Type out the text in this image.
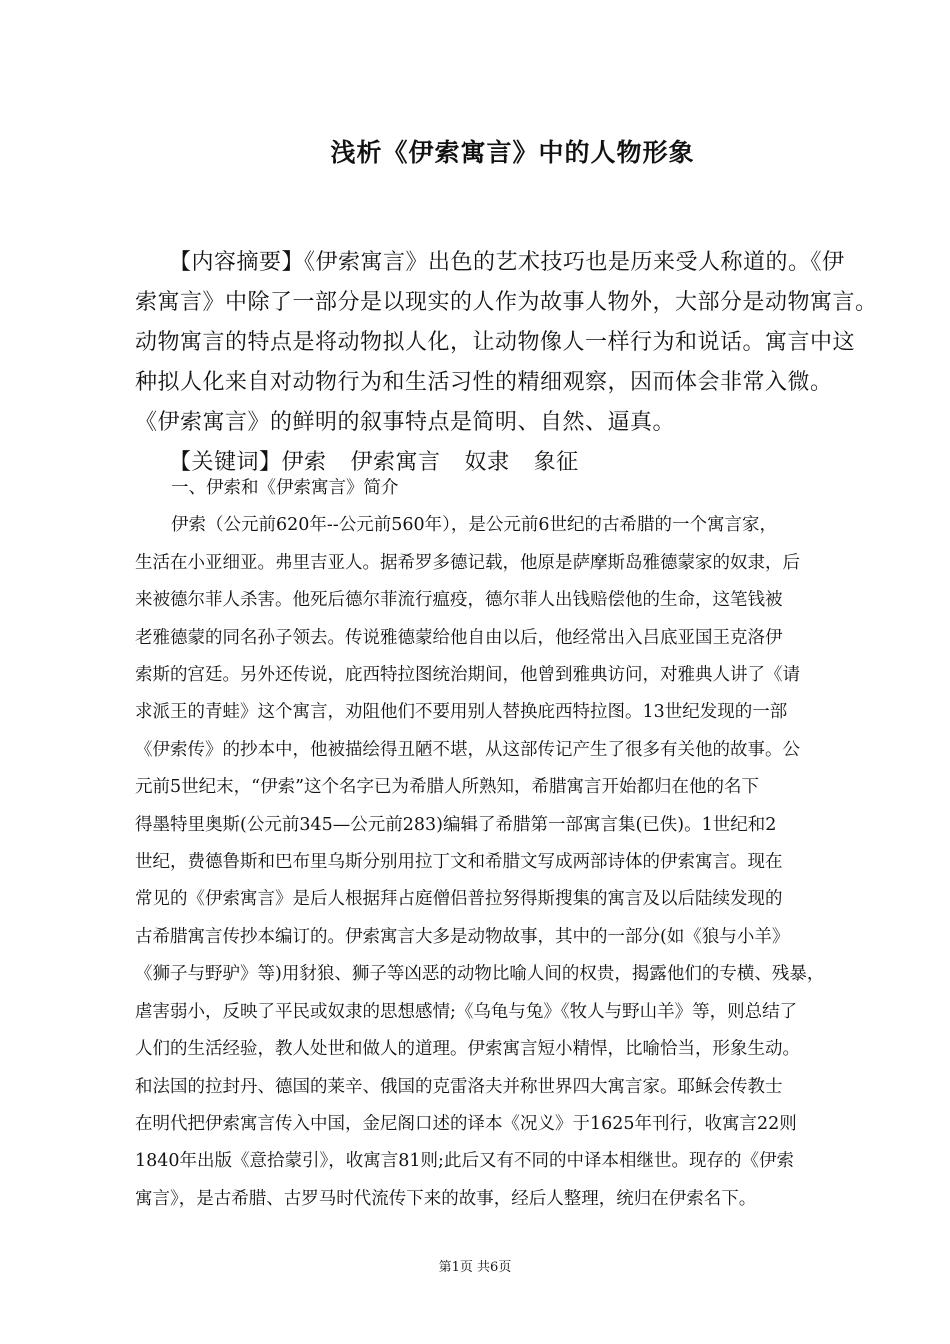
浅析《伊索寓言》中的人物形象
【内容摘要】《伊索寓言》出色的艺术技巧也是历来受人称道的。《伊
索寓言》中除了一部分是以现实的人作为故事人物外，大部分是动物寓言。
动物寓言的特点是将动物拟人化，让动物像人一样行为和说话。寓言中这
种拟人化来自对动物行为和生活习性的精细观察，因而体会非常入微。
《伊索寓言》的鲜明的叙事特点是简明、自然、逼真。
【关键词】伊索 伊索寓言 奴隶 象征
一、伊索和《伊索寓言》简介
伊索（公元前620年--公元前560年），是公元前6世纪的古希腊的一个寓言家，
生活在小亚细亚。弗里吉亚人。据希罗多德记载，他原是萨摩斯岛雅德蒙家的奴隶，后
来被德尔菲人杀害。他死后德尔菲流行瘟疫，德尔菲人出钱赔偿他的生命，这笔钱被
老雅德蒙的同名孙子领去。传说雅德蒙给他自由以后，他经常出入吕底亚国王克洛伊
索斯的宫廷。另外还传说，庇西特拉图统治期间，他曾到雅典访问，对雅典人讲了《请
求派王的青蛙》这个寓言，劝阻他们不要用别人替换庇西特拉图。13世纪发现的一部
《伊索传》的抄本中，他被描绘得丑陋不堪，从这部传记产生了很多有关他的故事。公
元前5世纪末，“伊索”这个名字已为希腊人所熟知，希腊寓言开始都归在他的名下
得墨特里奥斯(公元前345—公元前283)编辑了希腊第一部寓言集(已佚)。1世纪和2
世纪，费德鲁斯和巴布里乌斯分别用拉丁文和希腊文写成两部诗体的伊索寓言。现在
常见的《伊索寓言》是后人根据拜占庭僧侣普拉努得斯搜集的寓言及以后陆续发现的
古希腊寓言传抄本编订的。伊索寓言大多是动物故事，其中的一部分(如《狼与小羊》
《狮子与野驴》等)用豺狼、狮子等凶恶的动物比喻人间的权贵，揭露他们的专横、残暴，
虐害弱小，反映了平民或奴隶的思想感情;《乌龟与兔》《牧人与野山羊》等，则总结了
人们的生活经验，教人处世和做人的道理。伊索寓言短小精悍，比喻恰当，形象生动。
和法国的拉封丹、德国的莱辛、俄国的克雷洛夫并称世界四大寓言家。耶稣会传教士
在明代把伊索寓言传入中国，金尼阁口述的译本《况义》于1625年刊行，收寓言22则
1840年出版《意拾蒙引》，收寓言81则;此后又有不同的中译本相继世。现存的《伊索
寓言》，是古希腊、古罗马时代流传下来的故事，经后人整理，统归在伊索名下。
第1页 共6页
